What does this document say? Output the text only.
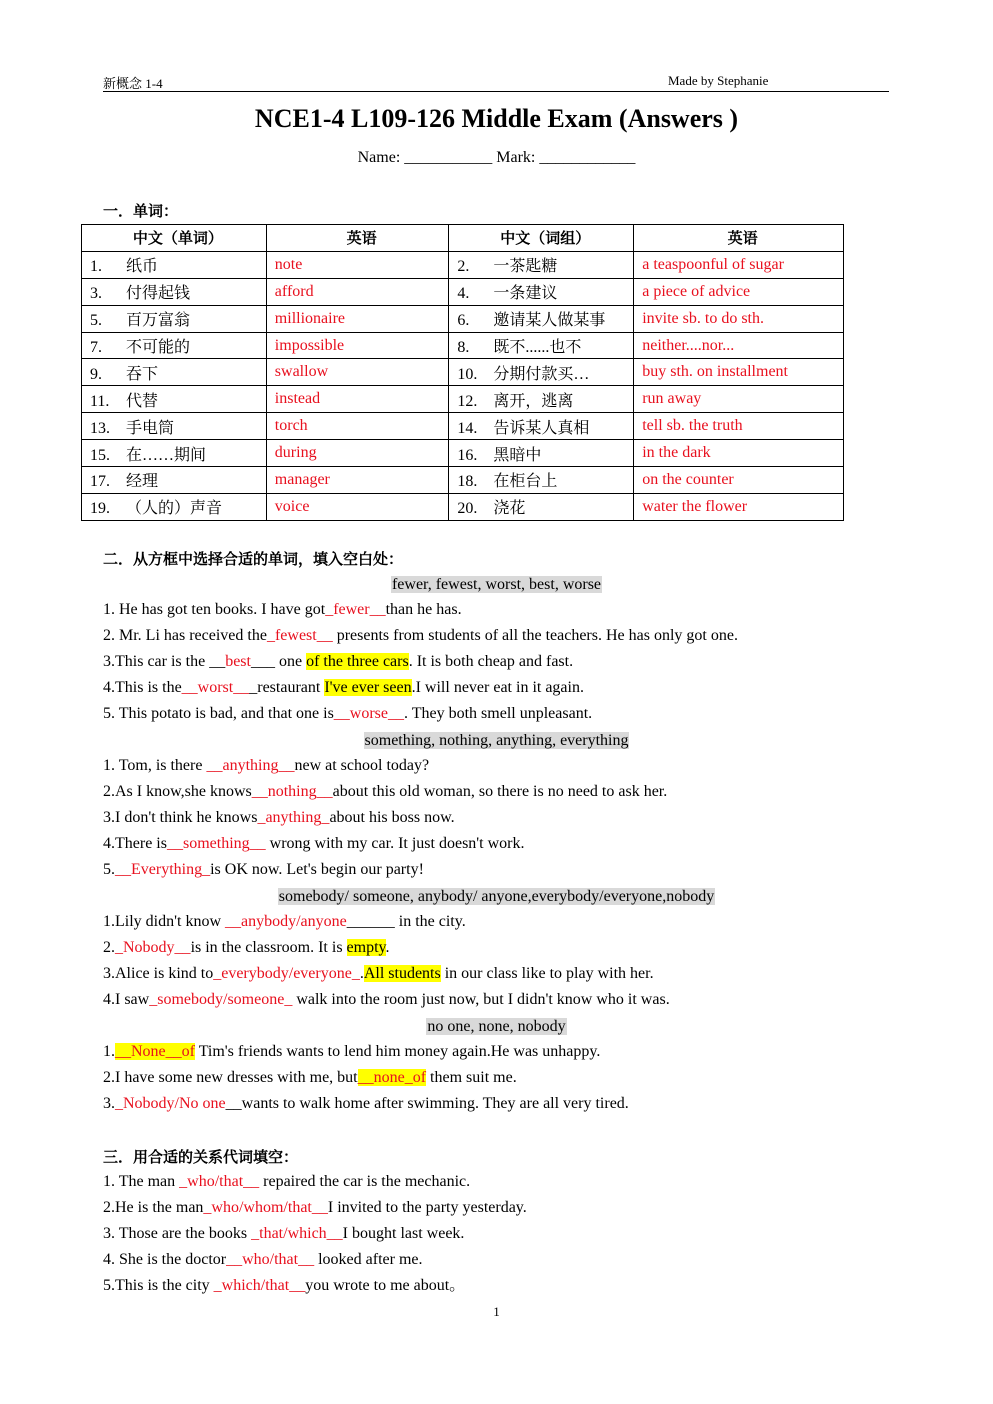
新概念 1-4	Made by Stephanie
NCE1-4 L109-126 Middle Exam (Answers )
Name: ___________ Mark: ____________
一．单词：
中文（单词）	英语	中文（词组）	英语
1. 纸币	note	2. 一茶匙糖	a teaspoonful of sugar
3. 付得起钱	afford	4. 一条建议	a piece of advice
5. 百万富翁	millionaire	6. 邀请某人做某事	invite sb. to do sth.
7. 不可能的	impossible	8. 既不......也不	neither....nor...
9. 吞下	swallow	10. 分期付款买…	buy sth. on installment
11. 代替	instead	12. 离开，逃离	run away
13. 手电筒	torch	14. 告诉某人真相	tell sb. the truth
15. 在……期间	during	16. 黑暗中	in the dark
17. 经理	manager	18. 在柜台上	on the counter
19. （人的）声音	voice	20. 浇花	water the flower
二．从方框中选择合适的单词，填入空白处：
fewer, fewest, worst, best, worse
1. He has got ten books. I have got_fewer__than he has.
2. Mr. Li has received the_fewest__ presents from students of all the teachers. He has only got one.
3.This car is the __best___ one of the three cars. It is both cheap and fast.
4.This is the__worst___restaurant I've ever seen.I will never eat in it again.
5. This potato is bad, and that one is__worse__. They both smell unpleasant.
something, nothing, anything, everything
1. Tom, is there __anything__new at school today?
2.As I know,she knows__nothing__about this old woman, so there is no need to ask her.
3.I don't think he knows_anything_about his boss now.
4.There is__something__ wrong with my car. It just doesn't work.
5.__Everything_is OK now. Let's begin our party!
somebody/ someone, anybody/ anyone,everybody/everyone,nobody
1.Lily didn't know __anybody/anyone______ in the city.
2._Nobody__is in the classroom. It is empty.
3.Alice is kind to_everybody/everyone_.All students in our class like to play with her.
4.I saw_somebody/someone_ walk into the room just now, but I didn't know who it was.
no one, none, nobody
1.__None__of Tim's friends wants to lend him money again.He was unhappy.
2.I have some new dresses with me, but__none_of them suit me.
3._Nobody/No one__wants to walk home after swimming. They are all very tired.
三．用合适的关系代词填空：
1. The man _who/that__ repaired the car is the mechanic.
2.He is the man_who/whom/that__I invited to the party yesterday.
3. Those are the books _that/which__I bought last week.
4. She is the doctor__who/that__ looked after me.
5.This is the city _which/that__you wrote to me about。
1
